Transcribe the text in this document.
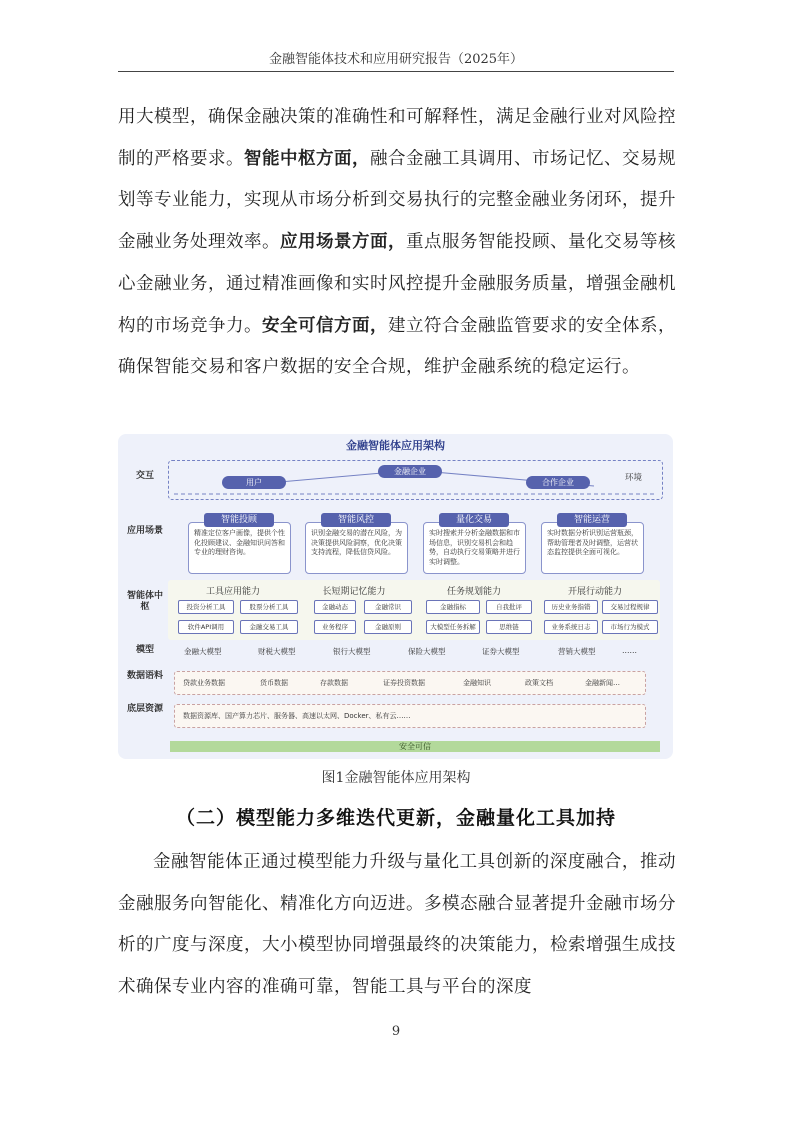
金融智能体技术和应用研究报告（2025年）

用大模型，确保金融决策的准确性和可解释性，满足金融行业对风险控制的严格要求。智能中枢方面，融合金融工具调用、市场记忆、交易规划等专业能力，实现从市场分析到交易执行的完整金融业务闭环，提升金融业务处理效率。应用场景方面，重点服务智能投顾、量化交易等核心金融业务，通过精准画像和实时风控提升金融服务质量，增强金融机构的市场竞争力。安全可信方面，建立符合金融监管要求的安全体系，确保智能交易和客户数据的安全合规，维护金融系统的稳定运行。

金融智能体应用架构
交互
应用场景
智能体中枢
模型
数据语料
底层资源
金融企业
用户	合作企业	环境
精准定位客户画像，提供个性化投顾建议、金融知识问答和专业的理财咨询。
识别金融交易的潜在风险，为决策提供风险洞察，优化决策支持流程，降低信贷风险。
实时搜索并分析金融数据和市场信息，识别交易机会和趋势，自动执行交易策略并进行实时调整。
实时数据分析识别运营瓶颈，帮助管理者及时调整，运营状态监控提供全面可视化。
智能投顾	智能风控	量化交易	智能运营
工具应用能力	长短期记忆能力	任务规划能力	开展行动能力
投资分析工具	股票分析工具
软件API调用	金融交易工具
金融动态	金融常识
业务程序	金融原则
金融指标	自我批评
大模型任务拆解	思维链
历史业务指错	交易过程规律
业务系统日志	市场行为模式
金融大模型	财税大模型	银行大模型	保险大模型	证券大模型	营销大模型	……
贷款业务数据	货币数据	存款数据	证券投资数据	金融知识	政策文档	金融新闻…
数据资源库、国产算力芯片、服务器、高速以太网、Docker、私有云……
安全可信
图1金融智能体应用架构
（二）模型能力多维迭代更新，金融量化工具加持

金融智能体正通过模型能力升级与量化工具创新的深度融合，推动金融服务向智能化、精准化方向迈进。多模态融合显著提升金融市场分析的广度与深度，大小模型协同增强最终的决策能力，检索增强生成技术确保专业内容的准确可靠，智能工具与平台的深度

9
